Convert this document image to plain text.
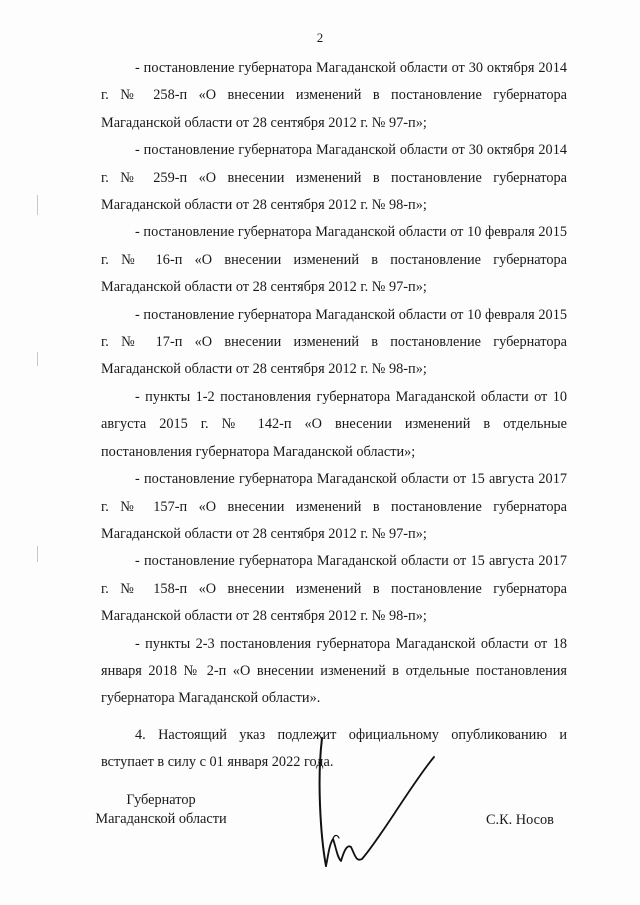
2

- постановление губернатора Магаданской области от 30 октября 2014 г. № 258-п «О внесении изменений в постановление губернатора Магаданской области от 28 сентября 2012 г. № 97-п»;

- постановление губернатора Магаданской области от 30 октября 2014 г. № 259-п «О внесении изменений в постановление губернатора Магаданской области от 28 сентября 2012 г. № 98-п»;

- постановление губернатора Магаданской области от 10 февраля 2015 г. № 16-п «О внесении изменений в постановление губернатора Магаданской области от 28 сентября 2012 г. № 97-п»;

- постановление губернатора Магаданской области от 10 февраля 2015 г. № 17-п «О внесении изменений в постановление губернатора Магаданской области от 28 сентября 2012 г. № 98-п»;

- пункты 1-2 постановления губернатора Магаданской области от 10 августа 2015 г. № 142-п «О внесении изменений в отдельные постановления губернатора Магаданской области»;

- постановление губернатора Магаданской области от 15 августа 2017 г. № 157-п «О внесении изменений в постановление губернатора Магаданской области от 28 сентября 2012 г. № 97-п»;

- постановление губернатора Магаданской области от 15 августа 2017 г. № 158-п «О внесении изменений в постановление губернатора Магаданской области от 28 сентября 2012 г. № 98-п»;

- пункты 2-3 постановления губернатора Магаданской области от 18 января 2018 № 2-п «О внесении изменений в отдельные постановления губернатора Магаданской области».

4. Настоящий указ подлежит официальному опубликованию и вступает в силу с 01 января 2022 года.

Губернатор
Магаданской области	С.К. Носов
